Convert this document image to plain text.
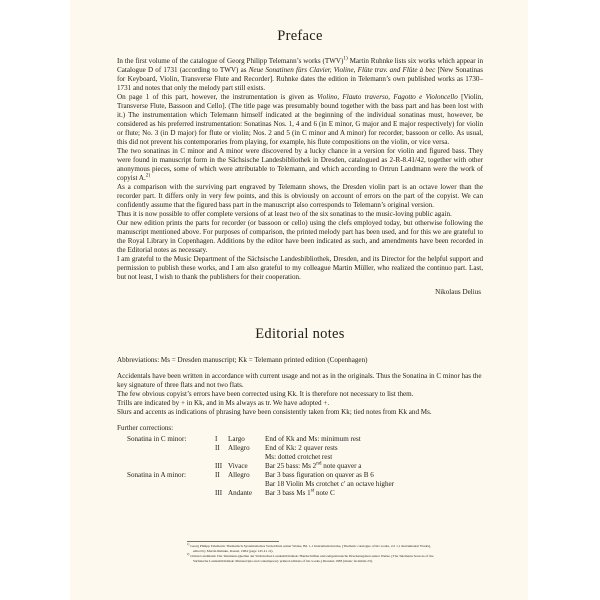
Preface

In the first volume of the catalogue of Georg Philipp Telemann’s works (TWV)$^{1)}$ Martin Ruhnke lists six works which appear in Catalogue D of 1731 (according to TWV) as Neue Sonatinen fürs Clavier, Violine, Flüte trav. and Flüte à bec [New Sonatinas for Keyboard, Violin, Transverse Flute and Recorder]. Ruhnke dates the edition in Telemann’s own published works as 1730–1731 and notes that only the melody part still exists.

On page 1 of this part, however, the instrumentation is given as Violino, Flauto traverso, Fagotto e Violoncello [Violin, Transverse Flute, Bassoon and Cello]. (The title page was presumably bound together with the bass part and has been lost with it.) The instrumentation which Telemann himself indicated at the beginning of the individual sonatinas must, however, be considered as his preferred instrumentation: Sonatinas Nos. 1, 4 and 6 (in E minor, G major and E major respectively) for violin or flute; No. 3 (in D major) for flute or violin; Nos. 2 and 5 (in C minor and A minor) for recorder, bassoon or cello. As usual, this did not prevent his contemporaries from playing, for example, his flute compositions on the violin, or vice versa.

The two sonatinas in C minor and A minor were discovered by a lucky chance in a version for violin and figured bass. They were found in manuscript form in the Sächsische Landesbibliothek in Dresden, catalogued as 2-R-8.41/42, together with other anonymous pieces, some of which were attributable to Telemann, and which according to Ortrun Landmann were the work of copyist A.$^{2)}$

As a comparison with the surviving part engraved by Telemann shows, the Dresden violin part is an octave lower than the recorder part. It differs only in very few points, and this is obviously on account of errors on the part of the copyist. We can confidently assume that the figured bass part in the manuscript also corresponds to Telemann’s original version.

Thus it is now possible to offer complete versions of at least two of the six sonatinas to the music-loving public again.

Our new edition prints the parts for recorder (or bassoon or cello) using the clefs employed today, but otherwise following the manuscript mentioned above. For purposes of comparison, the printed melody part has been used, and for this we are grateful to the Royal Library in Copenhagen. Additions by the editor have been indicated as such, and amendments have been recorded in the Editorial notes as necessary.

I am grateful to the Music Department of the Sächsische Landesbibliothek, Dresden, and its Director for the helpful support and permission to publish these works, and I am also grateful to my colleague Martin Müller, who realized the continuo part. Last, but not least, I wish to thank the publishers for their cooperation.

Nikolaus Delius
Editorial notes

Abbreviations: Ms = Dresden manuscript; Kk = Telemann printed edition (Copenhagen)

Accidentals have been written in accordance with current usage and not as in the originals. Thus the Sonatina in C minor has the key signature of three flats and not two flats.

The few obvious copyist’s errors have been corrected using Kk. It is therefore not necessary to list them.

Trills are indicated by + in Kk, and in Ms always as tr. We have adopted +.

Slurs and accents as indications of phrasing have been consistently taken from Kk; tied notes from Kk and Ms.

Further corrections:

Sonatina in C minor:	I	Largo	End of Kk and Ms: minimum rest
	II	Allegro	End of Kk: 2 quaver rests
			Ms: dotted crotchet rest
	III	Vivace	Bar 25 bass: Ms 2nd note quaver a
Sonatina in A minor:	II	Allegro	Bar 3 bass figuration on quaver as B 6
			Bar 18 Violin Ms crotchet c′ an octave higher
	III	Andante	Bar 3 bass Ms 1st note C

$^{1)}$ Georg Philipp Telemann: Thematisch-Systematisches Verzeichnis seiner Werke, Bd. 1,1 Instrumentalwerke, [Thematic catalogue of his works, vol 1,1 Instrumental Works],
edited by Martin Ruhnke, Kassel, 1984 (page 145 41 c2).

$^{2)}$ Ortrun Landmann: Die Telemann-Quellen der Sächsischen Landesbibliothek: Handschriften und zeitgenössische Druckausgaben seiner Werke. [The Telemann Sources of the
Sächsische Landesbibliothek: Manuscripts and contemporary printed editions of his works.] Dresden 1983 (music facsimile 23).
